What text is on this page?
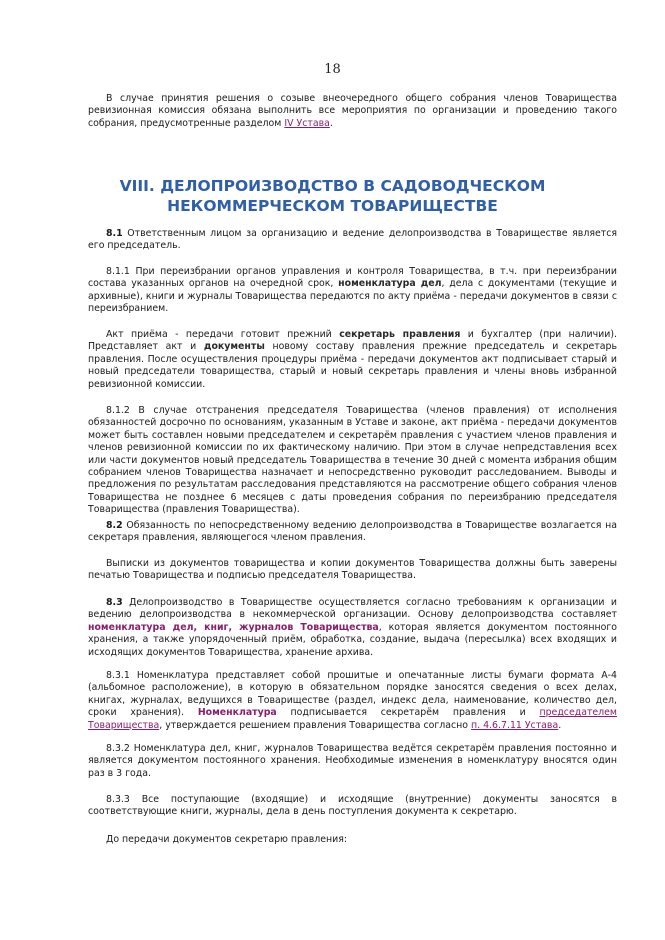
18

В случае принятия решения о созыве внеочередного общего собрания членов Товарищества ревизионная комиссия обязана выполнить все мероприятия по организации и проведению такого собрания, предусмотренные разделом IV Устава.

VIII. ДЕЛОПРОИЗВОДСТВО В САДОВОДЧЕСКОМ
НЕКОММЕРЧЕСКОМ ТОВАРИЩЕСТВЕ

8.1 Ответственным лицом за организацию и ведение делопроизводства в Товариществе является его председатель.

8.1.1 При переизбрании органов управления и контроля Товарищества, в т.ч. при переизбрании состава указанных органов на очередной срок, номенклатура дел, дела с документами (текущие и архивные), книги и журналы Товарищества передаются по акту приёма - передачи документов в связи с переизбранием.

Акт приёма - передачи готовит прежний секретарь правления и бухгалтер (при наличии). Представляет акт и документы новому составу правления прежние председатель и секретарь правления. После осуществления процедуры приёма - передачи документов акт подписывает старый и новый председатели товарищества, старый и новый секретарь правления и члены вновь избранной ревизионной комиссии.

8.1.2 В случае отстранения председателя Товарищества (членов правления) от исполнения обязанностей досрочно по основаниям, указанным в Уставе и законе, акт приёма - передачи документов может быть составлен новыми председателем и секретарём правления с участием членов правления и членов ревизионной комиссии по их фактическому наличию. При этом в случае непредставления всех или части документов новый председатель Товарищества в течение 30 дней с момента избрания общим собранием членов Товарищества назначает и непосредственно руководит расследованием. Выводы и предложения по результатам расследования представляются на рассмотрение общего собрания членов Товарищества не позднее 6 месяцев с даты проведения собрания по переизбранию председателя Товарищества (правления Товарищества).

8.2 Обязанность по непосредственному ведению делопроизводства в Товариществе возлагается на секретаря правления, являющегося членом правления.

Выписки из документов товарищества и копии документов Товарищества должны быть заверены печатью Товарищества и подписью председателя Товарищества.

8.3 Делопроизводство в Товариществе осуществляется согласно требованиям к организации и ведению делопроизводства в некоммерческой организации. Основу делопроизводства составляет номенклатура дел, книг, журналов Товарищества, которая является документом постоянного хранения, а также упорядоченный приём, обработка, создание, выдача (пересылка) всех входящих и исходящих документов Товарищества, хранение архива.

8.3.1 Номенклатура представляет собой прошитые и опечатанные листы бумаги формата А-4 (альбомное расположение), в которую в обязательном порядке заносятся сведения о всех делах, книгах, журналах, ведущихся в Товариществе (раздел, индекс дела, наименование, количество дел, сроки хранения). Номенклатура подписывается секретарём правления и председателем Товарищества, утверждается решением правления Товарищества согласно п. 4.6.7.11 Устава.

8.3.2 Номенклатура дел, книг, журналов Товарищества ведётся секретарём правления постоянно и является документом постоянного хранения. Необходимые изменения в номенклатуру вносятся один раз в 3 года.

8.3.3 Все поступающие (входящие) и исходящие (внутренние) документы заносятся в соответствующие книги, журналы, дела в день поступления документа к секретарю.

До передачи документов секретарю правления:
